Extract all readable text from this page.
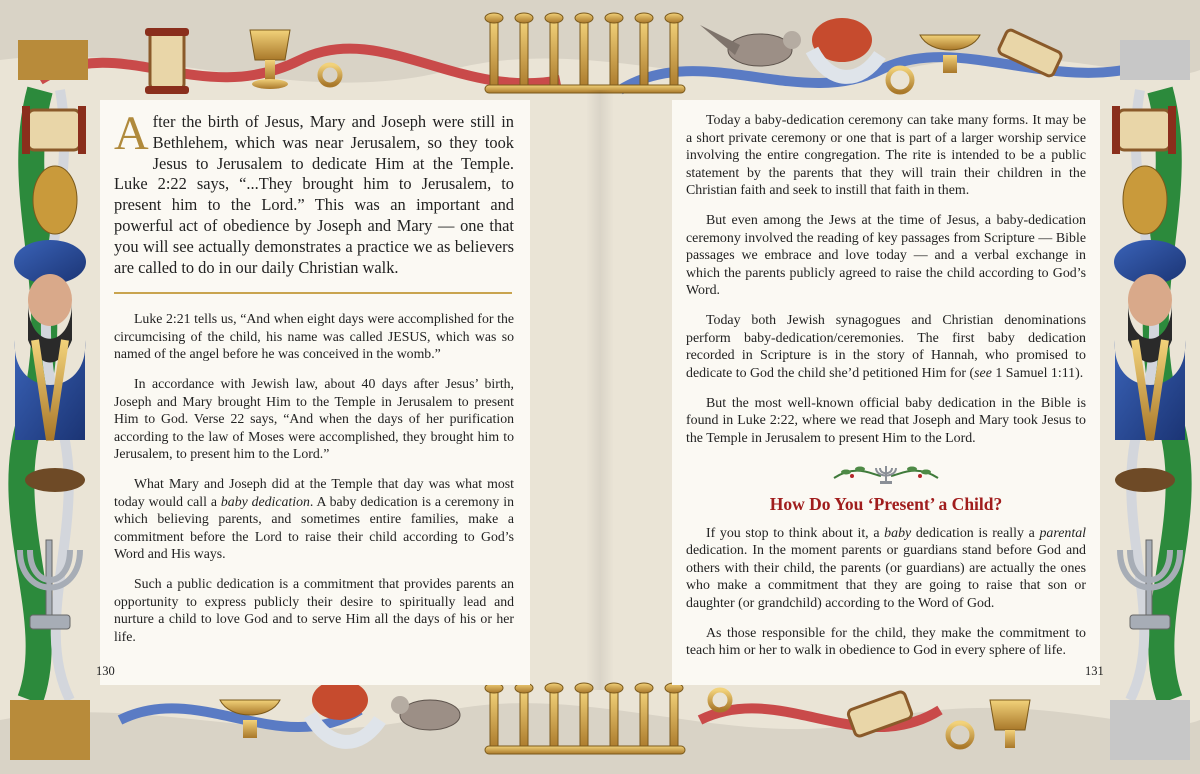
After the birth of Jesus, Mary and Joseph were still in Bethlehem, which was near Jerusalem, so they took Jesus to Jerusalem to dedicate Him at the Temple. Luke 2:22 says, “...They brought him to Jerusalem, to present him to the Lord.” This was an important and powerful act of obedience by Joseph and Mary — one that you will see actually demonstrates a practice we as believers are called to do in our daily Christian walk.

Luke 2:21 tells us, “And when eight days were accomplished for the circumcising of the child, his name was called JESUS, which was so named of the angel before he was conceived in the womb.”

In accordance with Jewish law, about 40 days after Jesus’ birth, Joseph and Mary brought Him to the Temple in Jerusalem to present Him to God. Verse 22 says, “And when the days of her purification according to the law of Moses were accomplished, they brought him to Jerusalem, to present him to the Lord.”

What Mary and Joseph did at the Temple that day was what most today would call a baby dedication. A baby dedication is a ceremony in which believing parents, and sometimes entire families, make a commitment before the Lord to raise their child according to God’s Word and His ways.

Such a public dedication is a commitment that provides parents an opportunity to express publicly their desire to spiritually lead and nurture a child to love God and to serve Him all the days of his or her life.

Today a baby-dedication ceremony can take many forms. It may be a short private ceremony or one that is part of a larger worship service involving the entire congregation. The rite is intended to be a public statement by the parents that they will train their children in the Christian faith and seek to instill that faith in them.

But even among the Jews at the time of Jesus, a baby-dedication ceremony involved the reading of key passages from Scripture — Bible passages we embrace and love today — and a verbal exchange in which the parents publicly agreed to raise the child according to God’s Word.

Today both Jewish synagogues and Christian denominations perform baby-dedication/ceremonies. The first baby dedication recorded in Scripture is in the story of Hannah, who promised to dedicate to God the child she’d petitioned Him for (see 1 Samuel 1:11).

But the most well-known official baby dedication in the Bible is found in Luke 2:22, where we read that Joseph and Mary took Jesus to the Temple in Jerusalem to present Him to the Lord.

How Do You ‘Present’ a Child?

If you stop to think about it, a baby dedication is really a parental dedication. In the moment parents or guardians stand before God and others with their child, the parents (or guardians) are actually the ones who make a commitment that they are going to raise that son or daughter (or grandchild) according to the Word of God.

As those responsible for the child, they make the commitment to teach him or her to walk in obedience to God in every sphere of life.

130	131
